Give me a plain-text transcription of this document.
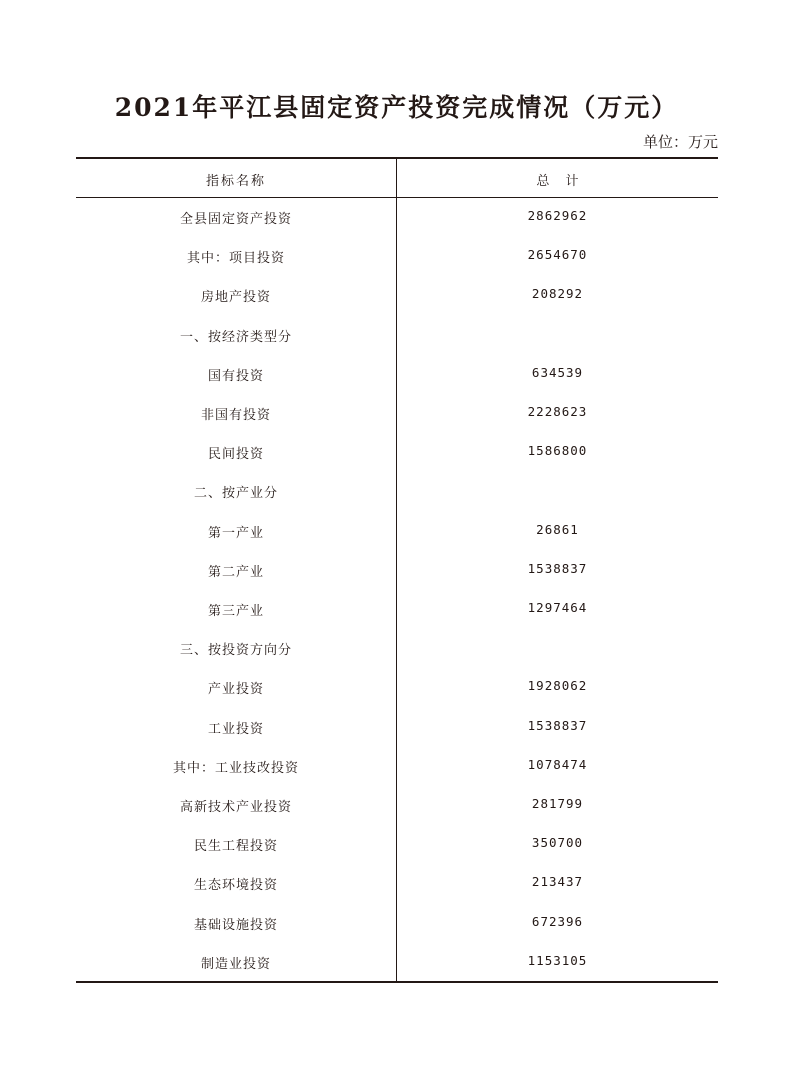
2021年平江县固定资产投资完成情况（万元）
单位：万元
指标名称	总 计
全县固定资产投资	2862962
其中：项目投资	2654670
房地产投资	208292
一、按经济类型分
国有投资	634539
非国有投资	2228623
民间投资	1586800
二、按产业分
第一产业	26861
第二产业	1538837
第三产业	1297464
三、按投资方向分
产业投资	1928062
工业投资	1538837
其中：工业技改投资	1078474
高新技术产业投资	281799
民生工程投资	350700
生态环境投资	213437
基础设施投资	672396
制造业投资	1153105
